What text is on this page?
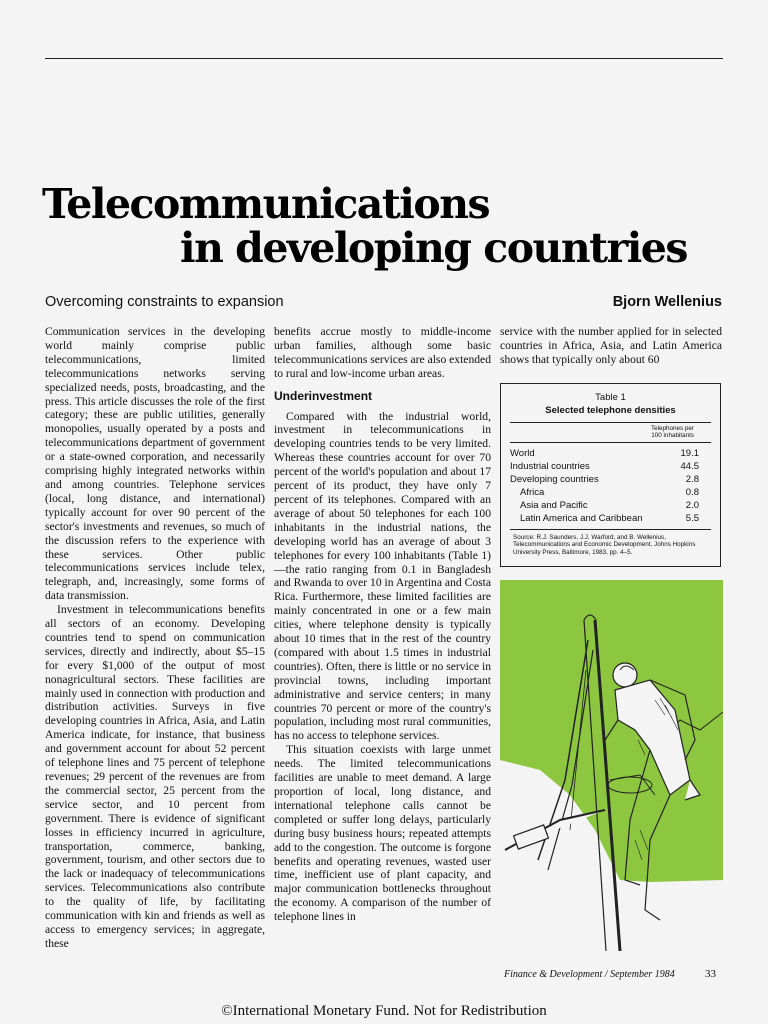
Telecommunications
in developing countries
Overcoming constraints to expansion	Bjorn Wellenius

Communication services in the developing world mainly comprise public telecommunications, limited telecommunications networks serving specialized needs, posts, broadcasting, and the press. This article discusses the role of the first category; these are public utilities, generally monopolies, usually operated by a posts and telecommunications department of government or a state-owned corporation, and necessarily comprising highly integrated networks within and among countries. Telephone services (local, long distance, and international) typically account for over 90 percent of the sector's investments and revenues, so much of the discussion refers to the experience with these services. Other public telecommunications services include telex, telegraph, and, increasingly, some forms of data transmission.

Investment in telecommunications benefits all sectors of an economy. Developing countries tend to spend on communication services, directly and indirectly, about $5–15 for every $1,000 of the output of most nonagricultural sectors. These facilities are mainly used in connection with production and distribution activities. Surveys in five developing countries in Africa, Asia, and Latin America indicate, for instance, that business and government account for about 52 percent of telephone lines and 75 percent of telephone revenues; 29 percent of the revenues are from the commercial sector, 25 percent from the service sector, and 10 percent from government. There is evidence of significant losses in efficiency incurred in agriculture, transportation, commerce, banking, government, tourism, and other sectors due to the lack or inadequacy of telecommunications services. Telecommunications also contribute to the quality of life, by facilitating communication with kin and friends as well as access to emergency services; in aggregate, these

benefits accrue mostly to middle-income urban families, although some basic telecommunications services are also extended to rural and low-income urban areas.

Underinvestment

Compared with the industrial world, investment in telecommunications in developing countries tends to be very limited. Whereas these countries account for over 70 percent of the world's population and about 17 percent of its product, they have only 7 percent of its telephones. Compared with an average of about 50 telephones for each 100 inhabitants in the industrial nations, the developing world has an average of about 3 telephones for every 100 inhabitants (Table 1)—the ratio ranging from 0.1 in Bangladesh and Rwanda to over 10 in Argentina and Costa Rica. Furthermore, these limited facilities are mainly concentrated in one or a few main cities, where telephone density is typically about 10 times that in the rest of the country (compared with about 1.5 times in industrial countries). Often, there is little or no service in provincial towns, including important administrative and service centers; in many countries 70 percent or more of the country's population, including most rural communities, has no access to telephone services.

This situation coexists with large unmet needs. The limited telecommunications facilities are unable to meet demand. A large proportion of local, long distance, and international telephone calls cannot be completed or suffer long delays, particularly during busy business hours; repeated attempts add to the congestion. The outcome is forgone benefits and operating revenues, wasted user time, inefficient use of plant capacity, and major communication bottlenecks throughout the economy. A comparison of the number of telephone lines in

service with the number applied for in selected countries in Africa, Asia, and Latin America shows that typically only about 60

Table 1
Selected telephone densities
Telephones per
100 inhabitants
World	19.1
Industrial countries	44.5
Developing countries	2.8
Africa	0.8
Asia and Pacific	2.0
Latin America and Caribbean	5.5
Source: R.J. Saunders, J.J. Warford, and B. Wellenius, Telecommunications and Economic Development, Johns Hopkins University Press, Baltimore, 1983, pp. 4–5.
Finance & Development / September 1984	33
©International Monetary Fund. Not for Redistribution
